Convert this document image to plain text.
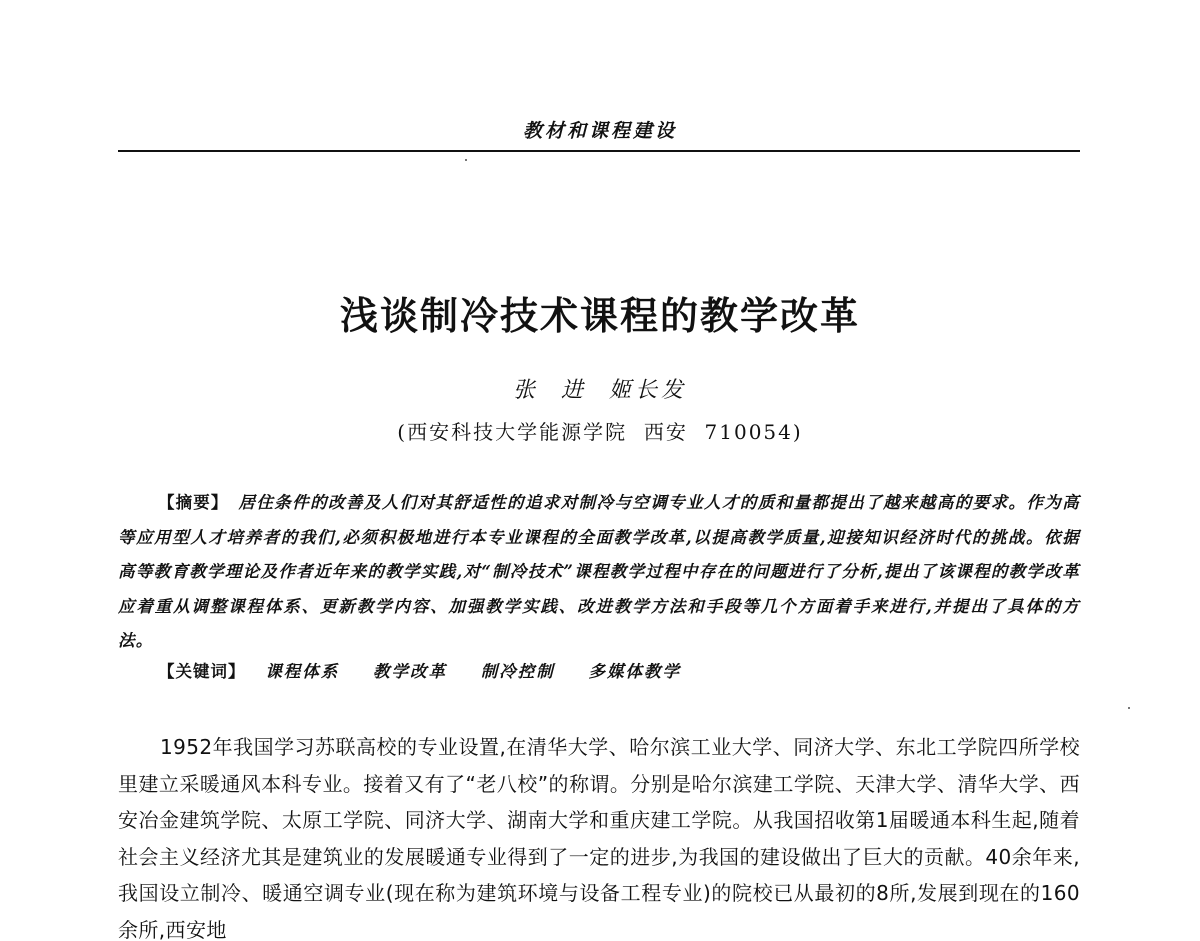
教材和课程建设
浅谈制冷技术课程的教学改革
张  进  姬长发
(西安科技大学能源学院  西安  710054)
【摘要】 居住条件的改善及人们对其舒适性的追求对制冷与空调专业人才的质和量都提出了越来越高的要求。作为高等应用型人才培养者的我们,必须积极地进行本专业课程的全面教学改革,以提高教学质量,迎接知识经济时代的挑战。依据高等教育教学理论及作者近年来的教学实践,对“制冷技术”课程教学过程中存在的问题进行了分析,提出了该课程的教学改革应着重从调整课程体系、更新教学内容、加强教学实践、改进教学方法和手段等几个方面着手来进行,并提出了具体的方法。
【关键词】 课程体系 教学改革 制冷控制 多媒体教学
1952年我国学习苏联高校的专业设置,在清华大学、哈尔滨工业大学、同济大学、东北工学院四所学校里建立采暖通风本科专业。接着又有了“老八校”的称谓。分别是哈尔滨建工学院、天津大学、清华大学、西安冶金建筑学院、太原工学院、同济大学、湖南大学和重庆建工学院。从我国招收第1届暖通本科生起,随着社会主义经济尤其是建筑业的发展暖通专业得到了一定的进步,为我国的建设做出了巨大的贡献。40余年来,我国设立制冷、暖通空调专业(现在称为建筑环境与设备工程专业)的院校已从最初的8所,发展到现在的160余所,西安地
